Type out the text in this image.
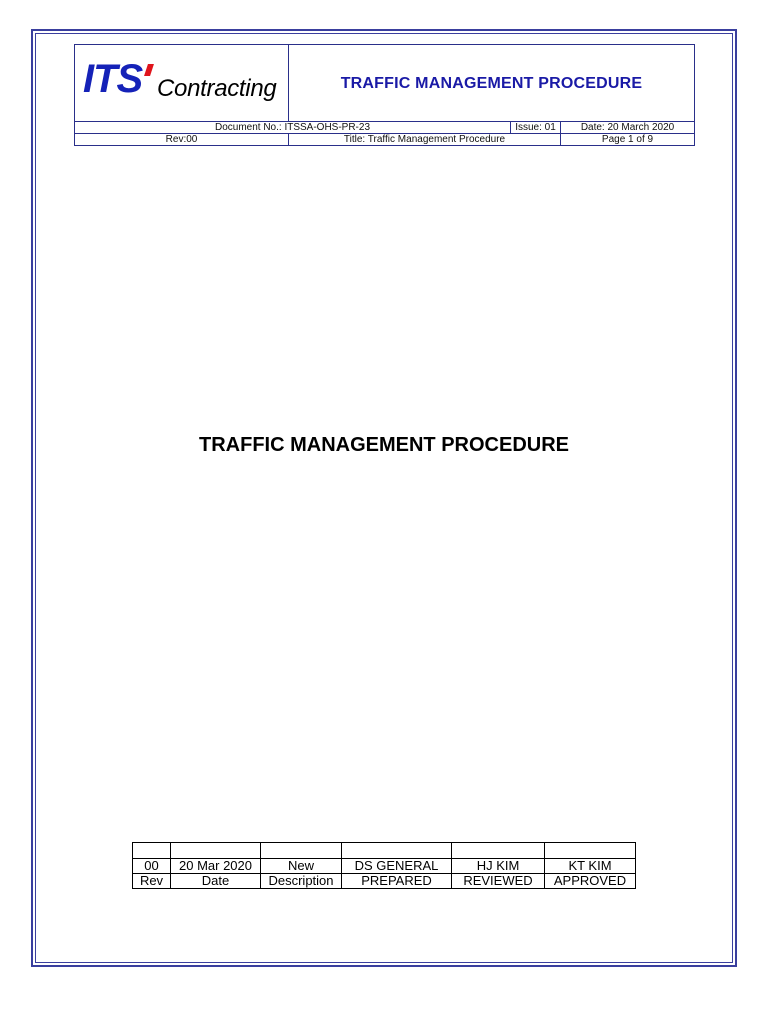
ITS Contracting	TRAFFIC MANAGEMENT PROCEDURE		
Document No.: ITSSA-OHS-PR-23		Issue: 01	Date: 20 March 2020
Rev:00	Title: Traffic Management Procedure		Page 1 of 9
TRAFFIC MANAGEMENT PROCEDURE

00	20 Mar 2020	New	DS GENERAL	HJ KIM	KT KIM
Rev	Date	Description	PREPARED	REVIEWED	APPROVED
